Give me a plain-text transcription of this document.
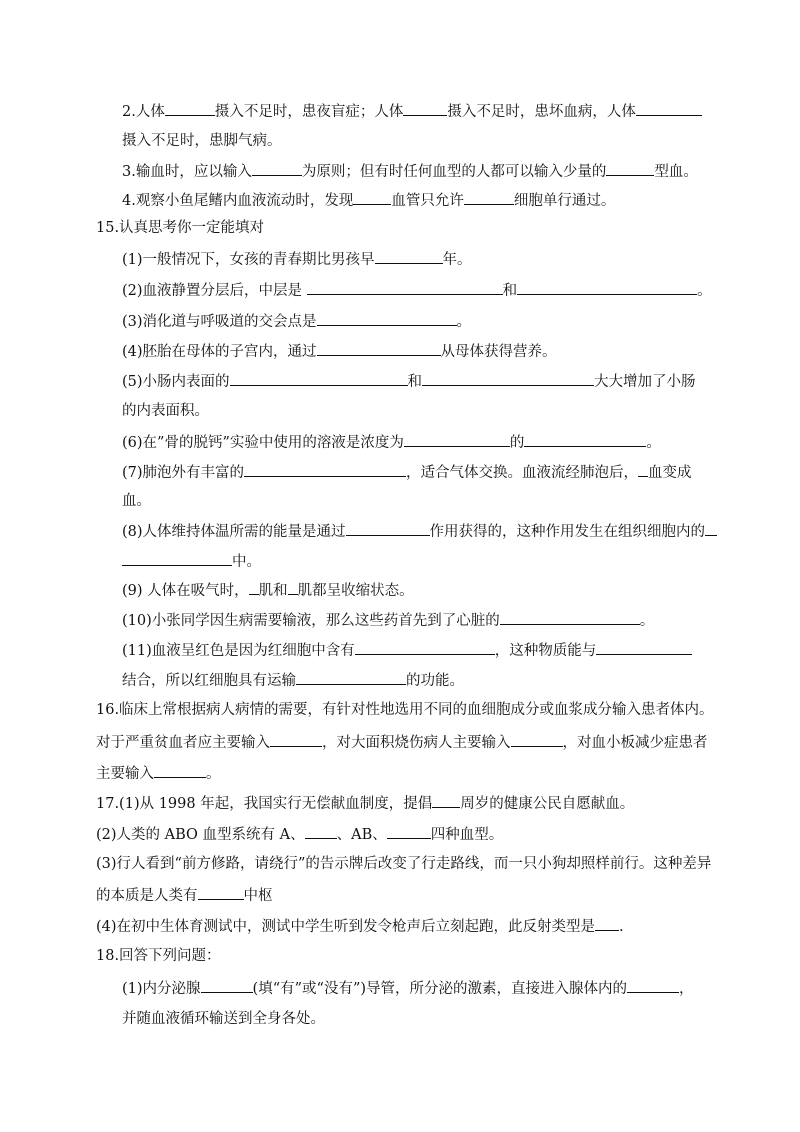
2.人体	摄入不足时，患夜盲症；人体	摄入不足时，患坏血病，人体
摄入不足时，患脚气病。
3.输血时，应以输入	为原则；但有时任何血型的人都可以输入少量的	型血。
4.观察小鱼尾鳍内血液流动时，发现	血管只允许	细胞单行通过。
15.认真思考你一定能填对
(1)一般情况下，女孩的青春期比男孩早	年。
(2)血液静置分层后，中层是	和	。
(3)消化道与呼吸道的交会点是	。
(4)胚胎在母体的子宫内，通过	从母体获得营养。
(5)小肠内表面的	和	大大增加了小肠
的内表面积。
(6)在”骨的脱钙”实验中使用的溶液是浓度为	的	。
(7)肺泡外有丰富的	，适合气体交换。血液流经肺泡后， 血变成
血。
(8)人体维持体温所需的能量是通过	作用获得的，这种作用发生在组织细胞内的
中。
(9) 人体在吸气时， 肌和 肌都呈收缩状态。
(10)小张同学因生病需要输液，那么这些药首先到了心脏的	。
(11)血液呈红色是因为红细胞中含有	，这种物质能与
结合，所以红细胞具有运输	的功能。
16.临床上常根据病人病情的需要，有针对性地选用不同的血细胞成分或血浆成分输入患者体内。
对于严重贫血者应主要输入	，对大面积烧伤病人主要输入	，对血小板减少症患者
主要输入	。
17.(1)从 1998 年起，我国实行无偿献血制度，提倡 周岁的健康公民自愿献血。
(2)人类的 ABO 血型系统有 A、 、AB、	四种血型。
(3)行人看到“前方修路，请绕行”的告示牌后改变了行走路线，而一只小狗却照样前行。这种差异
的本质是人类有	中枢
(4)在初中生体育测试中，测试中学生听到发令枪声后立刻起跑，此反射类型是 .
18.回答下列问题：
(1)内分泌腺	(填“有”或“没有”)导管，所分泌的激素，直接进入腺体内的	，
并随血液循环输送到全身各处。
